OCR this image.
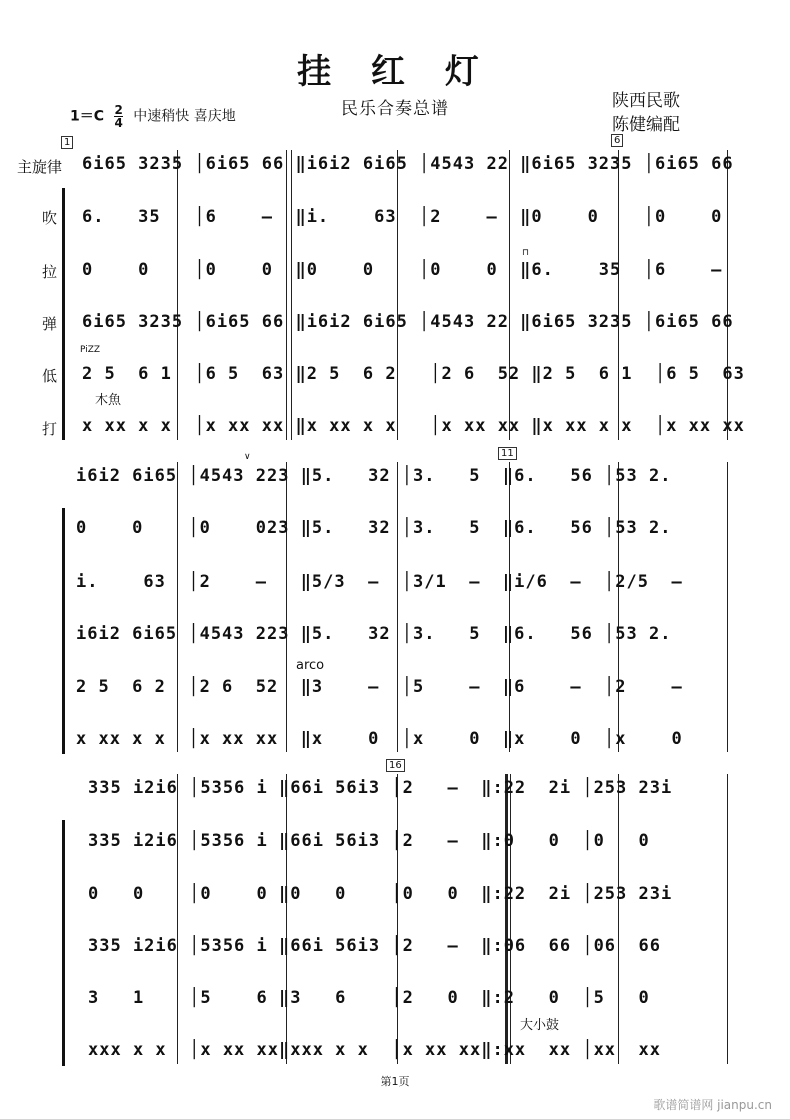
挂 红 灯
民乐合奏总谱	陕西民歌
陈健编配
$1=C \frac{2}{4}$ 中速稍快 喜庆地
1	6
11
16
主旋律
吹
拉
弹
低
打
PiZZ
木魚
arco
大小鼓
∨
⊓
6i65 3235 │6i65 66 ‖i6i2 6i65 │4543 22 ‖6i65 3235 │6i65 66
6.   35   │6    –  ‖i.    63  │2    –  ‖0    0    │0    0
0    0    │0    0  ‖0    0    │0    0  ‖6.    35  │6    –
6i65 3235 │6i65 66 ‖i6i2 6i65 │4543 22 ‖6i65 3235 │6i65 66
2 5  6 1  │6 5  63 ‖2 5  6 2   │2 6  52 ‖2 5  6 1  │6 5  63
x xx x x  │x xx xx ‖x xx x x   │x xx xx ‖x xx x x  │x xx xx
i6i2 6i65 │4543 223 ‖5.   32 │3.   5  ‖6.   56 │53 2.
0    0    │0    023 ‖5.   32 │3.   5  ‖6.   56 │53 2.
i.    63  │2    –   ‖5/3  –  │3/1  –  ‖i/6  –  │2/5  –
i6i2 6i65 │4543 223 ‖5.   32 │3.   5  ‖6.   56 │53 2.
2 5  6 2  │2 6  52  ‖3    –  │5    –  ‖6    –  │2    –
x xx x x  │x xx xx  ‖x    0  │x    0  ‖x    0  │x    0
335 i2i6 │5356 i ‖66i 56i3 │2   –  ‖:22  2i │253 23i
335 i2i6 │5356 i ‖66i 56i3 │2   –  ‖:0   0  │0   0
0   0    │0    0 ‖0   0    │0   0  ‖:22  2i │253 23i
335 i2i6 │5356 i ‖66i 56i3 │2   –  ‖:06  66 │06  66
3   1    │5    6 ‖3   6    │2   0  ‖:2   0  │5   0
xxx x x  │x xx xx‖xxx x x  │x xx xx‖:xx  xx │xx  xx
第1页
歌谱简谱网 jianpu.cn
